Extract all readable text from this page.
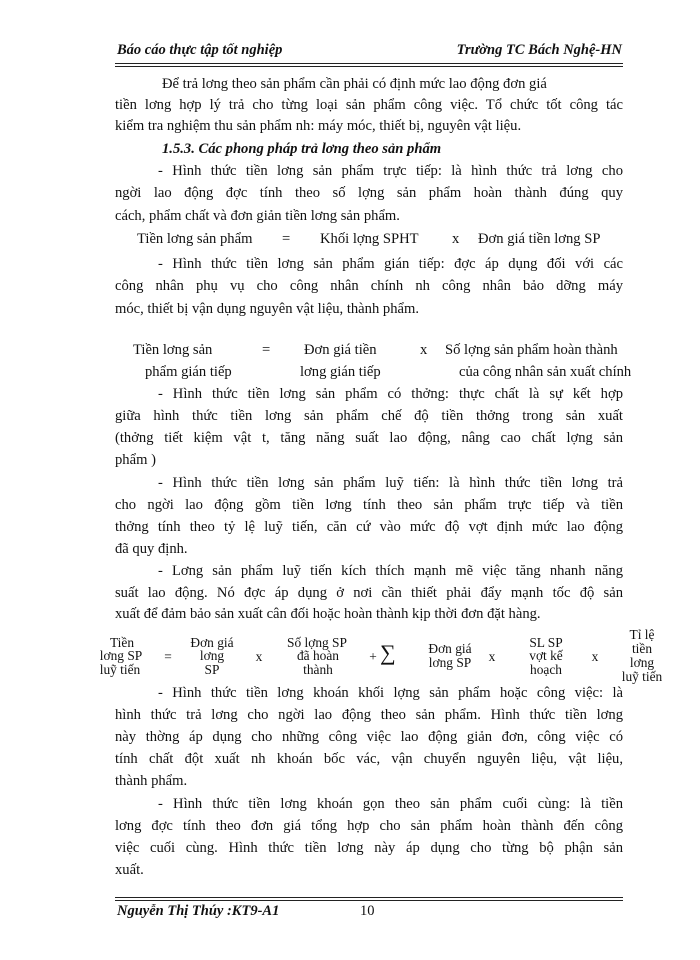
Báo cáo thực tập tốt nghiệp	Trường TC Bách Nghệ-HN
Để trả lơng theo sản phẩm cần phải có định mức lao động đơn giá
tiền lơng hợp lý trả cho từng loại sản phẩm công việc. Tổ chức tốt công tác
kiểm tra nghiệm thu sản phẩm nh: máy móc, thiết bị, nguyên vật liệu.
1.5.3. Các phong pháp trả lơng theo sản phẩm
- Hình thức tiền lơng sản phẩm trực tiếp: là hình thức trả lơng cho
ngời lao động đợc tính theo số lợng sản phẩm hoàn thành đúng quy
cách, phẩm chất và đơn giản tiền lơng sản phẩm.
Tiền lơng sản phẩm = Khối lợng SPHT x Đơn giá tiền lơng SP
- Hình thức tiền lơng sản phẩm gián tiếp: đợc áp dụng đối với các
công nhân phụ vụ cho công nhân chính nh công nhân bảo dỡng máy
móc, thiết bị vận dụng nguyên vật liệu, thành phẩm.
Tiền lơng sản
phẩm gián tiếp
= Đơn giá tiền
lơng gián tiếp
x Số lợng sản phẩm hoàn thành
của công nhân sản xuất chính
- Hình thức tiền lơng sản phẩm có thởng: thực chất là sự kết hợp
giữa hình thức tiền lơng sản phẩm chế độ tiền thởng trong sản xuất
(thởng tiết kiệm vật t, tăng năng suất lao động, nâng cao chất lợng sản
phẩm )
- Hình thức tiền lơng sản phẩm luỹ tiến: là hình thức tiền lơng trả
cho ngời lao động gồm tiền lơng tính theo sản phẩm trực tiếp và tiền
thởng tính theo tỷ lệ luỹ tiến, căn cứ vào mức độ vợt định mức lao động
đã quy định.
- Lơng sản phẩm luỹ tiến kích thích mạnh mẽ việc tăng nhanh năng
suất lao động. Nó đợc áp dụng ở nơi cần thiết phải đẩy mạnh tốc độ sản
xuất để đảm bảo sản xuất cân đối hoặc hoàn thành kịp thời đơn đặt hàng.
Tiền
lơng SP
luỹ tiến
=
Đơn giá
lơng
SP
x
Số lợng SP
đã hoàn
thành
+ ∑	Đơn giá
lơng SP	x
SL SP
vợt kế
hoạch
x
Tỉ lệ
tiền
lơng
luỹ tiến
- Hình thức tiền lơng khoán khối lợng sản phẩm hoặc công việc: là
hình thức trả lơng cho ngời lao động theo sản phẩm. Hình thức tiền lơng
này thờng áp dụng cho những công việc lao động giản đơn, công việc có
tính chất đột xuất nh khoán bốc vác, vận chuyển nguyên liệu, vật liệu,
thành phẩm.
- Hình thức tiền lơng khoán gọn theo sản phẩm cuối cùng: là tiền
lơng đợc tính theo đơn giá tổng hợp cho sản phẩm hoàn thành đến công
việc cuối cùng. Hình thức tiền lơng này áp dụng cho từng bộ phận sản
xuất.
Nguyễn Thị Thúy :KT9-A1	10
